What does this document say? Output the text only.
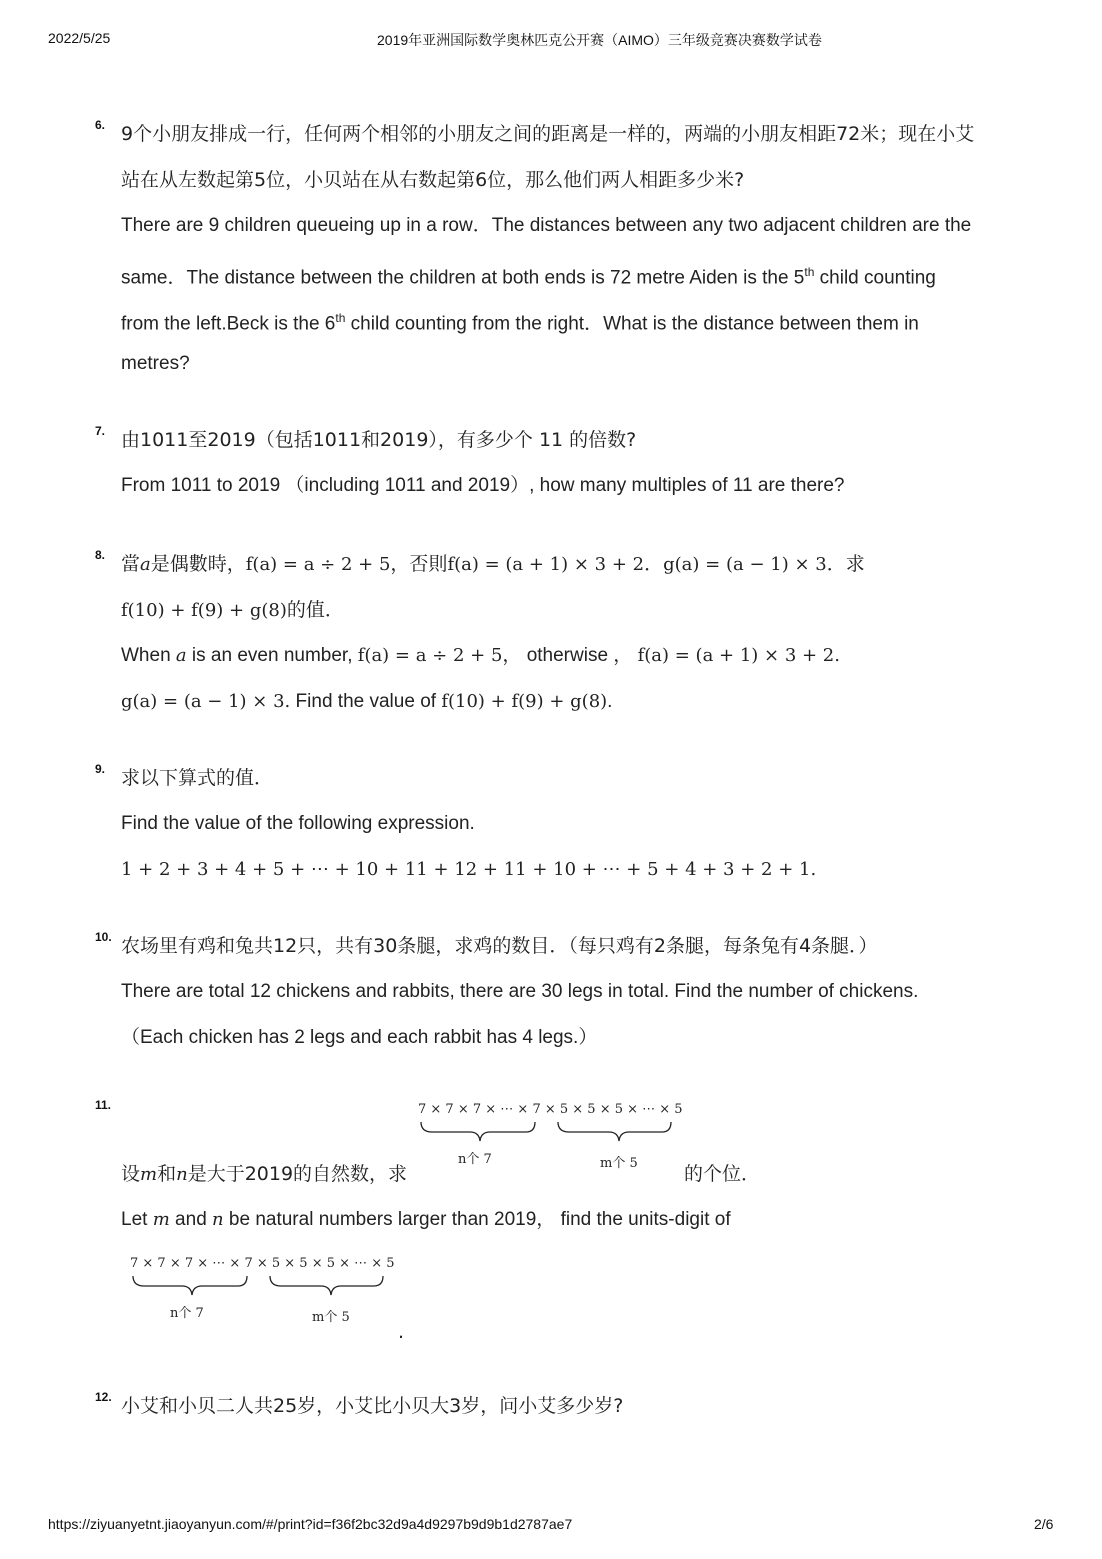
2022/5/25	2019年亚洲国际数学奥林匹克公开赛（AIMO）三年级竞赛决赛数学试卷
6. 9个小朋友排成一行，任何两个相邻的小朋友之间的距离是一样的，两端的小朋友相距72米；现在小艾
站在从左数起第5位，小贝站在从右数起第6位，那么他们两人相距多少米?
There are 9 children queueing up in a row．The distances between any two adjacent children are the
same．The distance between the children at both ends is 72 metre Aiden is the 5th child counting
from the left.Beck is the 6th child counting from the right．What is the distance between them in
metres?
7. 由1011至2019（包括1011和2019），有多少个 11 的倍数?
From 1011 to 2019 （including 1011 and 2019）, how many multiples of 11 are there?
8. 當a是偶數時，f(a) = a ÷ 2 + 5，否則f(a) = (a + 1) × 3 + 2．g(a) = (a − 1) × 3．求
f(10) + f(9) + g(8)的值．
When a is an even number, f(a) = a ÷ 2 + 5， otherwise ， f(a) = (a + 1) × 3 + 2.
g(a) = (a − 1) × 3. Find the value of f(10) + f(9) + g(8).
9. 求以下算式的值．
Find the value of the following expression.
1 + 2 + 3 + 4 + 5 + ⋯ + 10 + 11 + 12 + 11 + 10 + ⋯ + 5 + 4 + 3 + 2 + 1.
10. 农场里有鸡和兔共12只，共有30条腿，求鸡的数目．（每只鸡有2条腿，每条兔有4条腿．）
There are total 12 chickens and rabbits, there are 30 legs in total. Find the number of chickens.
（Each chicken has 2 legs and each rabbit has 4 legs.）
11.	7 × 7 × 7 × ⋯ × 7 × 5 × 5 × 5 × ⋯ × 5
n个 7	m个 5
设m和n是大于2019的自然数，求	的个位．
Let m and n be natural numbers larger than 2019， find the units-digit of
7 × 7 × 7 × ⋯ × 7 × 5 × 5 × 5 × ⋯ × 5
n个 7	m个 5
.
12. 小艾和小贝二人共25岁，小艾比小贝大3岁，问小艾多少岁?
https://ziyuanyetnt.jiaoyanyun.com/#/print?id=f36f2bc32d9a4d9297b9d9b1d2787ae7	2/6
